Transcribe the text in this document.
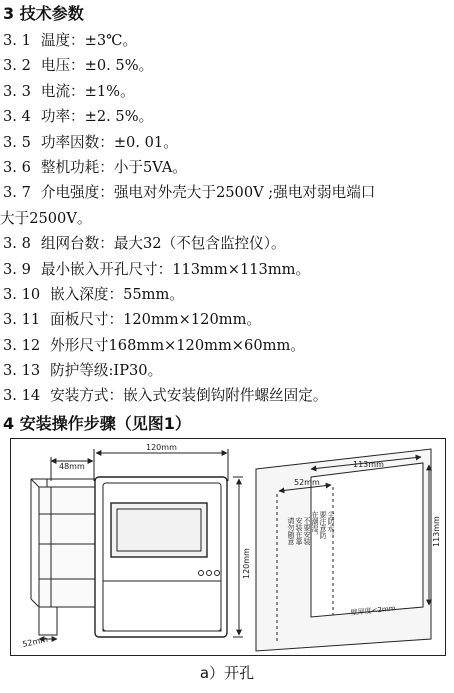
3 技术参数
3. 1 温度：±3℃。
3. 2 电压：±0. 5%。
3. 3 电流：±1%。
3. 4 功率：±2. 5%。
3. 5 功率因数：±0. 01。
3. 6 整机功耗：小于5VA。
3. 7 介电强度：强电对外壳大于2500V ;强电对弱电端口
大于2500V。
3. 8 组网台数：最大32（不包含监控仪）。
3. 9 最小嵌入开孔尺寸：113mm×113mm。
3. 10 嵌入深度：55mm。
3. 11 面板尺寸：120mm×120mm。
3. 12 外形尺寸168mm×120mm×60mm。
3. 13 防护等级:IP30。
3. 14 安装方式：嵌入式安装倒钩附件螺丝固定。
4 安装操作步骤（见图1）
48mm
120mm
120mm
52mm
113mm
113mm
52mm
壁厚度<2mm
请勿随意 安装在靠 不要安装 在潮湿， 要注意防 尘防水。
a）开孔
